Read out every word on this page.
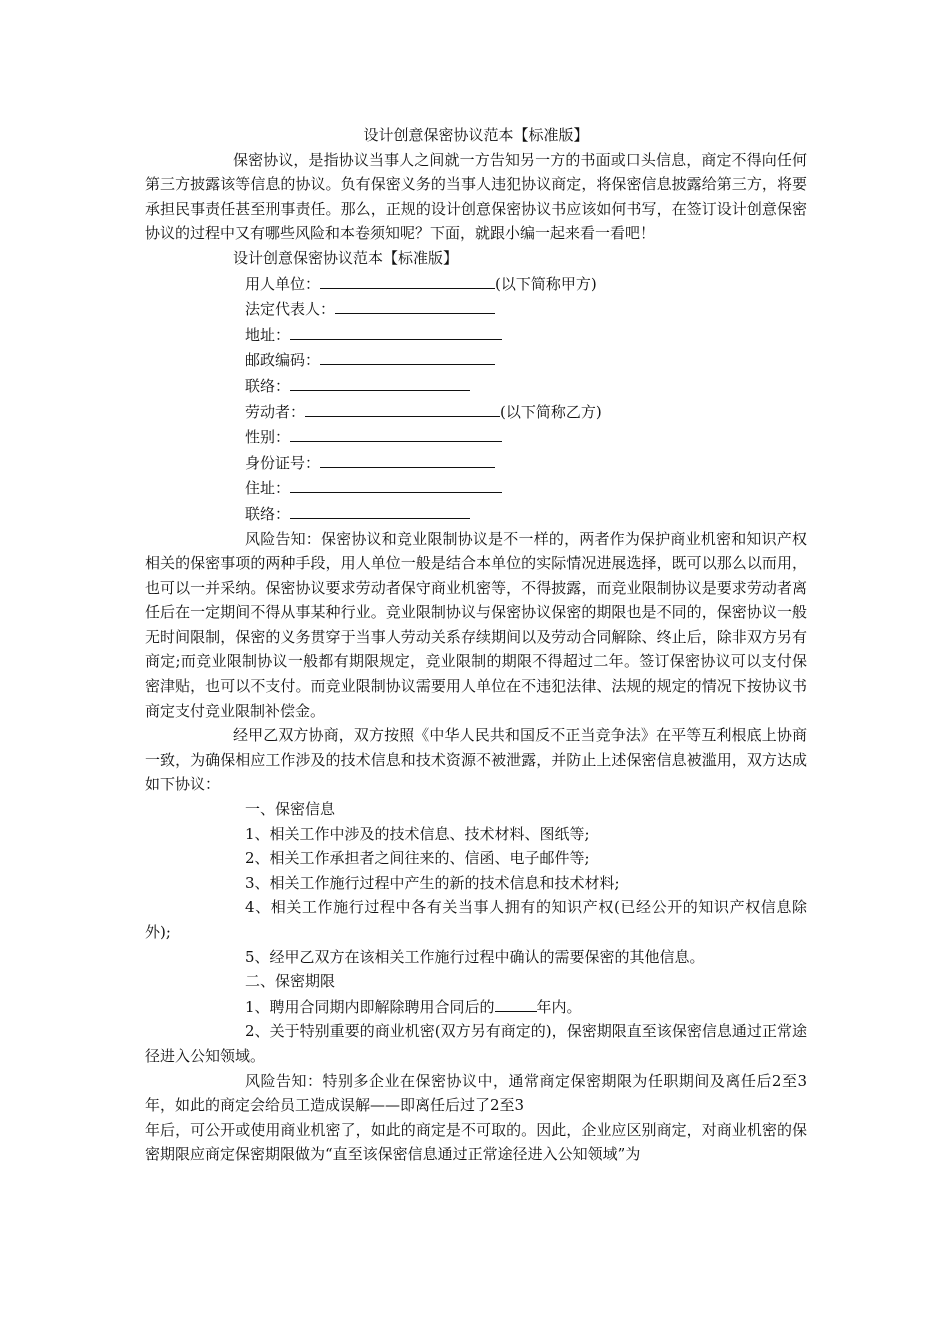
设计创意保密协议范本【标准版】

保密协议，是指协议当事人之间就一方告知另一方的书面或口头信息，商定不得向任何第三方披露该等信息的协议。负有保密义务的当事人违犯协议商定，将保密信息披露给第三方，将要承担民事责任甚至刑事责任。那么，正规的设计创意保密协议书应该如何书写，在签订设计创意保密协议的过程中又有哪些风险和本卷须知呢？下面，就跟小编一起来看一看吧！

设计创意保密协议范本【标准版】

用人单位：	(以下简称甲方)

法定代表人：

地址：

邮政编码：

联络：

劳动者：	(以下简称乙方)

性别：

身份证号：

住址：

联络：

风险告知：保密协议和竞业限制协议是不一样的，两者作为保护商业机密和知识产权相关的保密事项的两种手段，用人单位一般是结合本单位的实际情况进展选择，既可以那么以而用，也可以一并采纳。保密协议要求劳动者保守商业机密等，不得披露，而竞业限制协议是要求劳动者离任后在一定期间不得从事某种行业。竞业限制协议与保密协议保密的期限也是不同的，保密协议一般无时间限制，保密的义务贯穿于当事人劳动关系存续期间以及劳动合同解除、终止后，除非双方另有商定;而竞业限制协议一般都有期限规定，竞业限制的期限不得超过二年。签订保密协议可以支付保密津贴，也可以不支付。而竞业限制协议需要用人单位在不违犯法律、法规的规定的情况下按协议书商定支付竞业限制补偿金。

经甲乙双方协商，双方按照《中华人民共和国反不正当竞争法》在平等互利根底上协商一致，为确保相应工作涉及的技术信息和技术资源不被泄露，并防止上述保密信息被滥用，双方达成如下协议：

一、保密信息

1、相关工作中涉及的技术信息、技术材料、图纸等;

2、相关工作承担者之间往来的、信函、电子邮件等;

3、相关工作施行过程中产生的新的技术信息和技术材料;

4、相关工作施行过程中各有关当事人拥有的知识产权(已经公开的知识产权信息除外);

5、经甲乙双方在该相关工作施行过程中确认的需要保密的其他信息。

二、保密期限

1、聘用合同期内即解除聘用合同后的	年内。

2、关于特别重要的商业机密(双方另有商定的)，保密期限直至该保密信息通过正常途径进入公知领域。

风险告知：特别多企业在保密协议中，通常商定保密期限为任职期间及离任后2至3年，如此的商定会给员工造成误解——即离任后过了2至3

年后，可公开或使用商业机密了，如此的商定是不可取的。因此，企业应区别商定，对商业机密的保密期限应商定保密期限做为“直至该保密信息通过正常途径进入公知领域”为
